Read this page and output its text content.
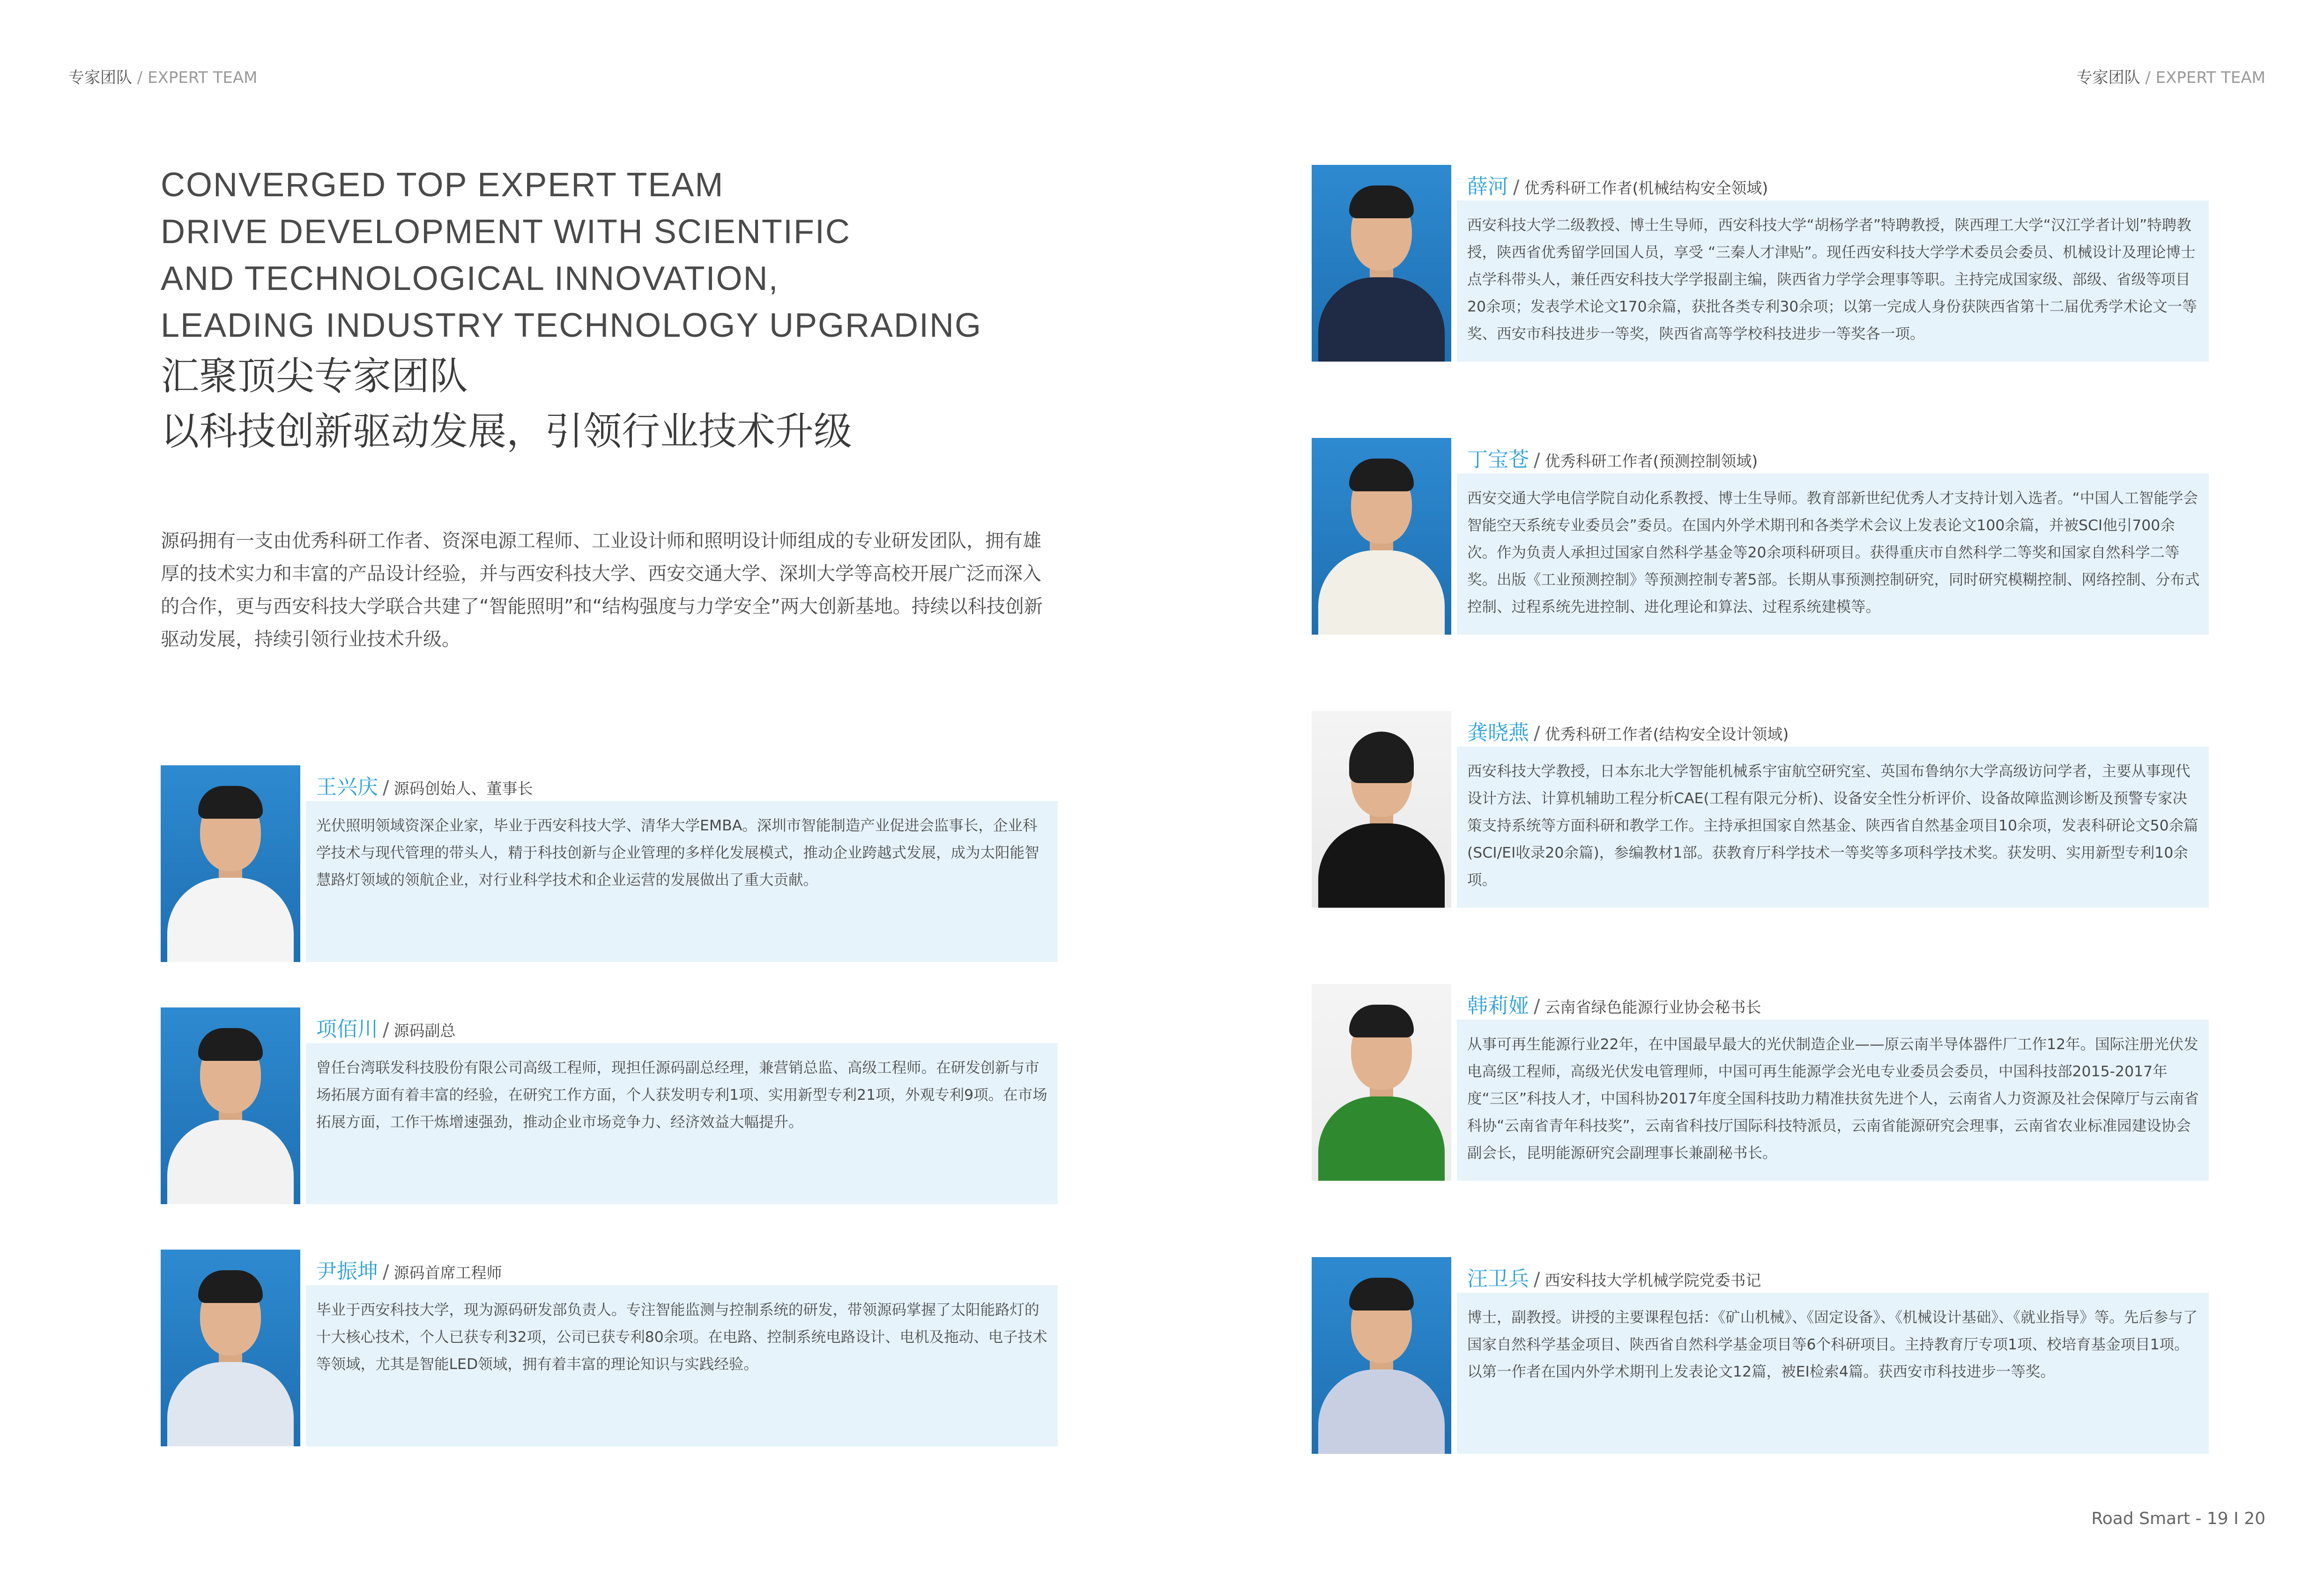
专家团队 / EXPERT TEAM	专家团队 / EXPERT TEAM
CONVERGED TOP EXPERT TEAM
DRIVE DEVELOPMENT WITH SCIENTIFIC
AND TECHNOLOGICAL INNOVATION,
LEADING INDUSTRY TECHNOLOGY UPGRADING
汇聚顶尖专家团队
以科技创新驱动发展，引领行业技术升级
源码拥有一支由优秀科研工作者、资深电源工程师、工业设计师和照明设计师组成的专业研发团队，拥有雄厚的技术实力和丰富的产品设计经验，并与西安科技大学、西安交通大学、深圳大学等高校开展广泛而深入的合作，更与西安科技大学联合共建了“智能照明”和“结构强度与力学安全”两大创新基地。持续以科技创新驱动发展，持续引领行业技术升级。
王兴庆 / 源码创始人、董事长
光伏照明领域资深企业家，毕业于西安科技大学、清华大学EMBA。深圳市智能制造产业促进会监事长，企业科学技术与现代管理的带头人，精于科技创新与企业管理的多样化发展模式，推动企业跨越式发展，成为太阳能智慧路灯领域的领航企业，对行业科学技术和企业运营的发展做出了重大贡献。
项佰川 / 源码副总
曾任台湾联发科技股份有限公司高级工程师，现担任源码副总经理，兼营销总监、高级工程师。在研发创新与市场拓展方面有着丰富的经验，在研究工作方面，个人获发明专利1项、实用新型专利21项，外观专利9项。在市场拓展方面，工作干炼增速强劲，推动企业市场竞争力、经济效益大幅提升。
尹振坤 / 源码首席工程师
毕业于西安科技大学，现为源码研发部负责人。专注智能监测与控制系统的研发，带领源码掌握了太阳能路灯的十大核心技术，个人已获专利32项，公司已获专利80余项。在电路、控制系统电路设计、电机及拖动、电子技术等领域，尤其是智能LED领域，拥有着丰富的理论知识与实践经验。
薛河 / 优秀科研工作者(机械结构安全领域)
西安科技大学二级教授、博士生导师，西安科技大学“胡杨学者”特聘教授，陕西理工大学“汉江学者计划”特聘教授，陕西省优秀留学回国人员，享受 “三秦人才津贴”。现任西安科技大学学术委员会委员、机械设计及理论博士点学科带头人，兼任西安科技大学学报副主编，陕西省力学学会理事等职。主持完成国家级、部级、省级等项目20余项；发表学术论文170余篇，获批各类专利30余项；以第一完成人身份获陕西省第十二届优秀学术论文一等奖、西安市科技进步一等奖，陕西省高等学校科技进步一等奖各一项。
丁宝苍 / 优秀科研工作者(预测控制领域)
西安交通大学电信学院自动化系教授、博士生导师。教育部新世纪优秀人才支持计划入选者。“中国人工智能学会智能空天系统专业委员会”委员。在国内外学术期刊和各类学术会议上发表论文100余篇，并被SCI他引700余次。作为负责人承担过国家自然科学基金等20余项科研项目。获得重庆市自然科学二等奖和国家自然科学二等奖。出版《工业预测控制》等预测控制专著5部。长期从事预测控制研究，同时研究模糊控制、网络控制、分布式控制、过程系统先进控制、进化理论和算法、过程系统建模等。
龚晓燕 / 优秀科研工作者(结构安全设计领域)
西安科技大学教授，日本东北大学智能机械系宇宙航空研究室、英国布鲁纳尔大学高级访问学者，主要从事现代设计方法、计算机辅助工程分析CAE(工程有限元分析)、设备安全性分析评价、设备故障监测诊断及预警专家决策支持系统等方面科研和教学工作。主持承担国家自然基金、陕西省自然基金项目10余项，发表科研论文50余篇(SCI/EI收录20余篇)，参编教材1部。获教育厅科学技术一等奖等多项科学技术奖。获发明、实用新型专利10余项。
韩莉娅 / 云南省绿色能源行业协会秘书长
从事可再生能源行业22年，在中国最早最大的光伏制造企业——原云南半导体器件厂工作12年。国际注册光伏发电高级工程师，高级光伏发电管理师，中国可再生能源学会光电专业委员会委员，中国科技部2015-2017年度“三区”科技人才，中国科协2017年度全国科技助力精准扶贫先进个人，云南省人力资源及社会保障厅与云南省科协“云南省青年科技奖”，云南省科技厅国际科技特派员，云南省能源研究会理事，云南省农业标准园建设协会副会长，昆明能源研究会副理事长兼副秘书长。
汪卫兵 / 西安科技大学机械学院党委书记
博士，副教授。讲授的主要课程包括：《矿山机械》、《固定设备》、《机械设计基础》、《就业指导》等。先后参与了国家自然科学基金项目、陕西省自然科学基金项目等6个科研项目。主持教育厅专项1项、校培育基金项目1项。以第一作者在国内外学术期刊上发表论文12篇，被EI检索4篇。获西安市科技进步一等奖。
Road Smart - 19 I 20
